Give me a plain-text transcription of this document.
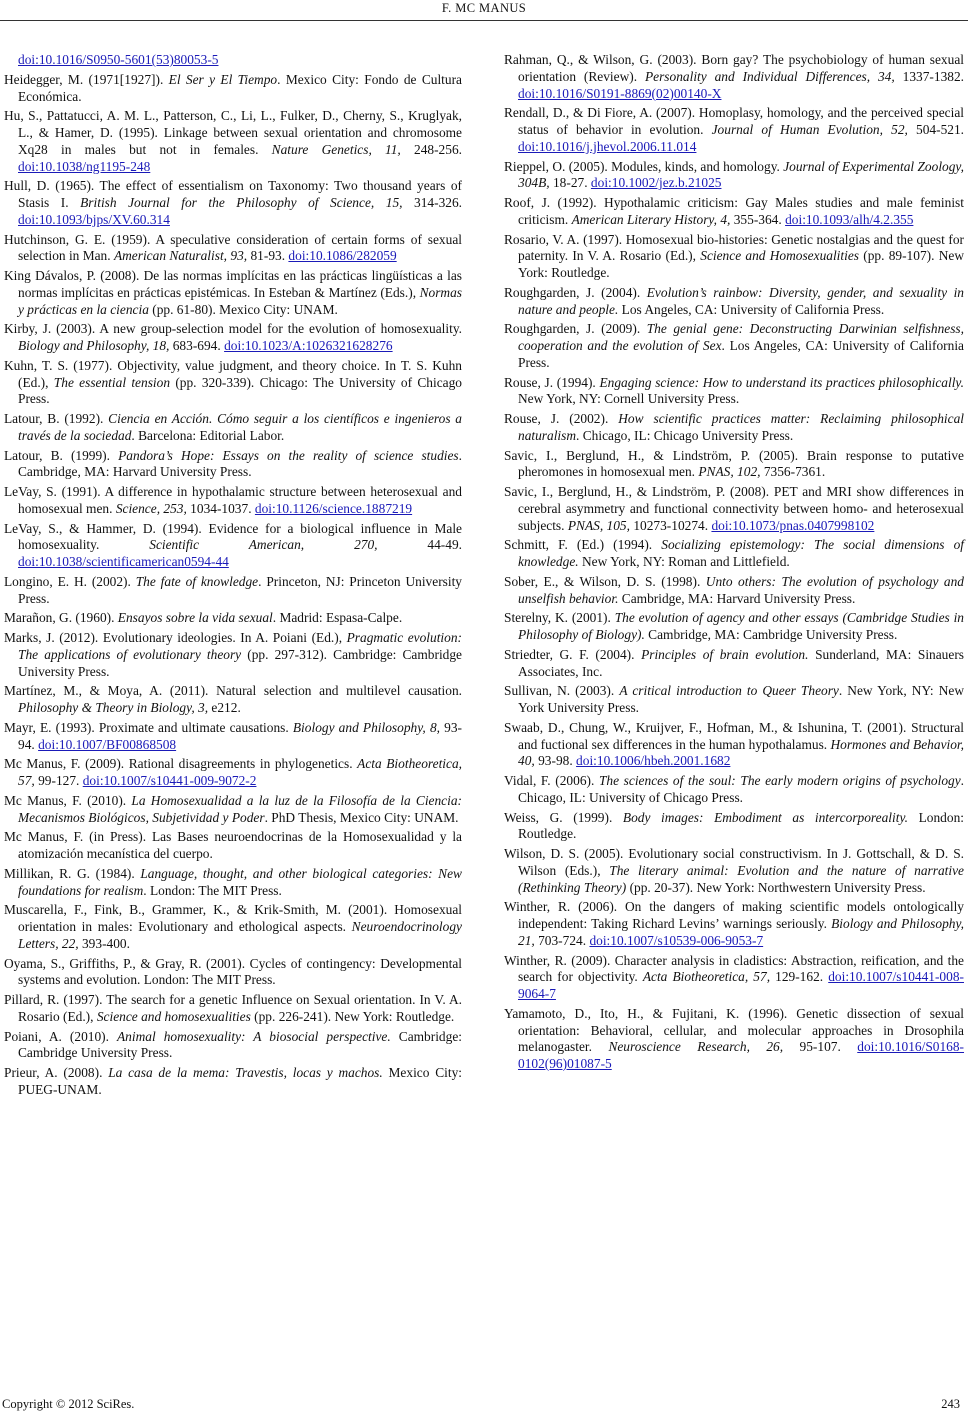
F. MC MANUS

doi:10.1016/S0950-5601(53)80053-5

Heidegger, M. (1971[1927]). El Ser y El Tiempo. Mexico City: Fondo de Cultura Económica.

Hu, S., Pattatucci, A. M. L., Patterson, C., Li, L., Fulker, D., Cherny, S., Kruglyak, L., & Hamer, D. (1995). Linkage between sexual orientation and chromosome Xq28 in males but not in females. Nature Genetics, 11, 248-256. doi:10.1038/ng1195-248

Hull, D. (1965). The effect of essentialism on Taxonomy: Two thousand years of Stasis I. British Journal for the Philosophy of Science, 15, 314-326. doi:10.1093/bjps/XV.60.314

Hutchinson, G. E. (1959). A speculative consideration of certain forms of sexual selection in Man. American Naturalist, 93, 81-93. doi:10.1086/282059

King Dávalos, P. (2008). De las normas implícitas en las prácticas lingüísticas a las normas implícitas en prácticas epistémicas. In Esteban & Martínez (Eds.), Normas y prácticas en la ciencia (pp. 61-80). Mexico City: UNAM.

Kirby, J. (2003). A new group-selection model for the evolution of homosexuality. Biology and Philosophy, 18, 683-694. doi:10.1023/A:1026321628276

Kuhn, T. S. (1977). Objectivity, value judgment, and theory choice. In T. S. Kuhn (Ed.), The essential tension (pp. 320-339). Chicago: The University of Chicago Press.

Latour, B. (1992). Ciencia en Acción. Cómo seguir a los científicos e ingenieros a través de la sociedad. Barcelona: Editorial Labor.

Latour, B. (1999). Pandora’s Hope: Essays on the reality of science studies. Cambridge, MA: Harvard University Press.

LeVay, S. (1991). A difference in hypothalamic structure between heterosexual and homosexual men. Science, 253, 1034-1037. doi:10.1126/science.1887219

LeVay, S., & Hammer, D. (1994). Evidence for a biological influence in Male homosexuality. Scientific American, 270, 44-49. doi:10.1038/scientificamerican0594-44

Longino, E. H. (2002). The fate of knowledge. Princeton, NJ: Princeton University Press.

Marañon, G. (1960). Ensayos sobre la vida sexual. Madrid: Espasa-Calpe.

Marks, J. (2012). Evolutionary ideologies. In A. Poiani (Ed.), Pragmatic evolution: The applications of evolutionary theory (pp. 297-312). Cambridge: Cambridge University Press.

Martínez, M., & Moya, A. (2011). Natural selection and multilevel causation. Philosophy & Theory in Biology, 3, e212.

Mayr, E. (1993). Proximate and ultimate causations. Biology and Philosophy, 8, 93-94. doi:10.1007/BF00868508

Mc Manus, F. (2009). Rational disagreements in phylogenetics. Acta Biotheoretica, 57, 99-127. doi:10.1007/s10441-009-9072-2

Mc Manus, F. (2010). La Homosexualidad a la luz de la Filosofía de la Ciencia: Mecanismos Biológicos, Subjetividad y Poder. PhD Thesis, Mexico City: UNAM.

Mc Manus, F. (in Press). Las Bases neuroendocrinas de la Homosexualidad y la atomización mecanística del cuerpo.

Millikan, R. G. (1984). Language, thought, and other biological categories: New foundations for realism. London: The MIT Press.

Muscarella, F., Fink, B., Grammer, K., & Krik-Smith, M. (2001). Homosexual orientation in males: Evolutionary and ethological aspects. Neuroendocrinology Letters, 22, 393-400.

Oyama, S., Griffiths, P., & Gray, R. (2001). Cycles of contingency: Developmental systems and evolution. London: The MIT Press.

Pillard, R. (1997). The search for a genetic Influence on Sexual orientation. In V. A. Rosario (Ed.), Science and homosexualities (pp. 226-241). New York: Routledge.

Poiani, A. (2010). Animal homosexuality: A biosocial perspective. Cambridge: Cambridge University Press.

Prieur, A. (2008). La casa de la mema: Travestis, locas y machos. Mexico City: PUEG-UNAM.

Rahman, Q., & Wilson, G. (2003). Born gay? The psychobiology of human sexual orientation (Review). Personality and Individual Differences, 34, 1337-1382. doi:10.1016/S0191-8869(02)00140-X

Rendall, D., & Di Fiore, A. (2007). Homoplasy, homology, and the perceived special status of behavior in evolution. Journal of Human Evolution, 52, 504-521. doi:10.1016/j.jhevol.2006.11.014

Rieppel, O. (2005). Modules, kinds, and homology. Journal of Experimental Zoology, 304B, 18-27. doi:10.1002/jez.b.21025

Roof, J. (1992). Hypothalamic criticism: Gay Males studies and male feminist criticism. American Literary History, 4, 355-364. doi:10.1093/alh/4.2.355

Rosario, V. A. (1997). Homosexual bio-histories: Genetic nostalgias and the quest for paternity. In V. A. Rosario (Ed.), Science and Homosexualities (pp. 89-107). New York: Routledge.

Roughgarden, J. (2004). Evolution’s rainbow: Diversity, gender, and sexuality in nature and people. Los Angeles, CA: University of California Press.

Roughgarden, J. (2009). The genial gene: Deconstructing Darwinian selfishness, cooperation and the evolution of Sex. Los Angeles, CA: University of California Press.

Rouse, J. (1994). Engaging science: How to understand its practices philosophically. New York, NY: Cornell University Press.

Rouse, J. (2002). How scientific practices matter: Reclaiming philosophical naturalism. Chicago, IL: Chicago University Press.

Savic, I., Berglund, H., & Lindström, P. (2005). Brain response to putative pheromones in homosexual men. PNAS, 102, 7356-7361.

Savic, I., Berglund, H., & Lindström, P. (2008). PET and MRI show differences in cerebral asymmetry and functional connectivity between homo- and heterosexual subjects. PNAS, 105, 10273-10274. doi:10.1073/pnas.0407998102

Schmitt, F. (Ed.) (1994). Socializing epistemology: The social dimensions of knowledge. New York, NY: Roman and Littlefield.

Sober, E., & Wilson, D. S. (1998). Unto others: The evolution of psychology and unselfish behavior. Cambridge, MA: Harvard University Press.

Sterelny, K. (2001). The evolution of agency and other essays (Cambridge Studies in Philosophy of Biology). Cambridge, MA: Cambridge University Press.

Striedter, G. F. (2004). Principles of brain evolution. Sunderland, MA: Sinauers Associates, Inc.

Sullivan, N. (2003). A critical introduction to Queer Theory. New York, NY: New York University Press.

Swaab, D., Chung, W., Kruijver, F., Hofman, M., & Ishunina, T. (2001). Structural and fuctional sex differences in the human hypothalamus. Hormones and Behavior, 40, 93-98. doi:10.1006/hbeh.2001.1682

Vidal, F. (2006). The sciences of the soul: The early modern origins of psychology. Chicago, IL: University of Chicago Press.

Weiss, G. (1999). Body images: Embodiment as intercorporeality. London: Routledge.

Wilson, D. S. (2005). Evolutionary social constructivism. In J. Gottschall, & D. S. Wilson (Eds.), The literary animal: Evolution and the nature of narrative (Rethinking Theory) (pp. 20-37). New York: Northwestern University Press.

Winther, R. (2006). On the dangers of making scientific models ontologically independent: Taking Richard Levins’ warnings seriously. Biology and Philosophy, 21, 703-724. doi:10.1007/s10539-006-9053-7

Winther, R. (2009). Character analysis in cladistics: Abstraction, reification, and the search for objectivity. Acta Biotheoretica, 57, 129-162. doi:10.1007/s10441-008-9064-7

Yamamoto, D., Ito, H., & Fujitani, K. (1996). Genetic dissection of sexual orientation: Behavioral, cellular, and molecular approaches in Drosophila melanogaster. Neuroscience Research, 26, 95-107. doi:10.1016/S0168-0102(96)01087-5

Copyright © 2012 SciRes.	243
